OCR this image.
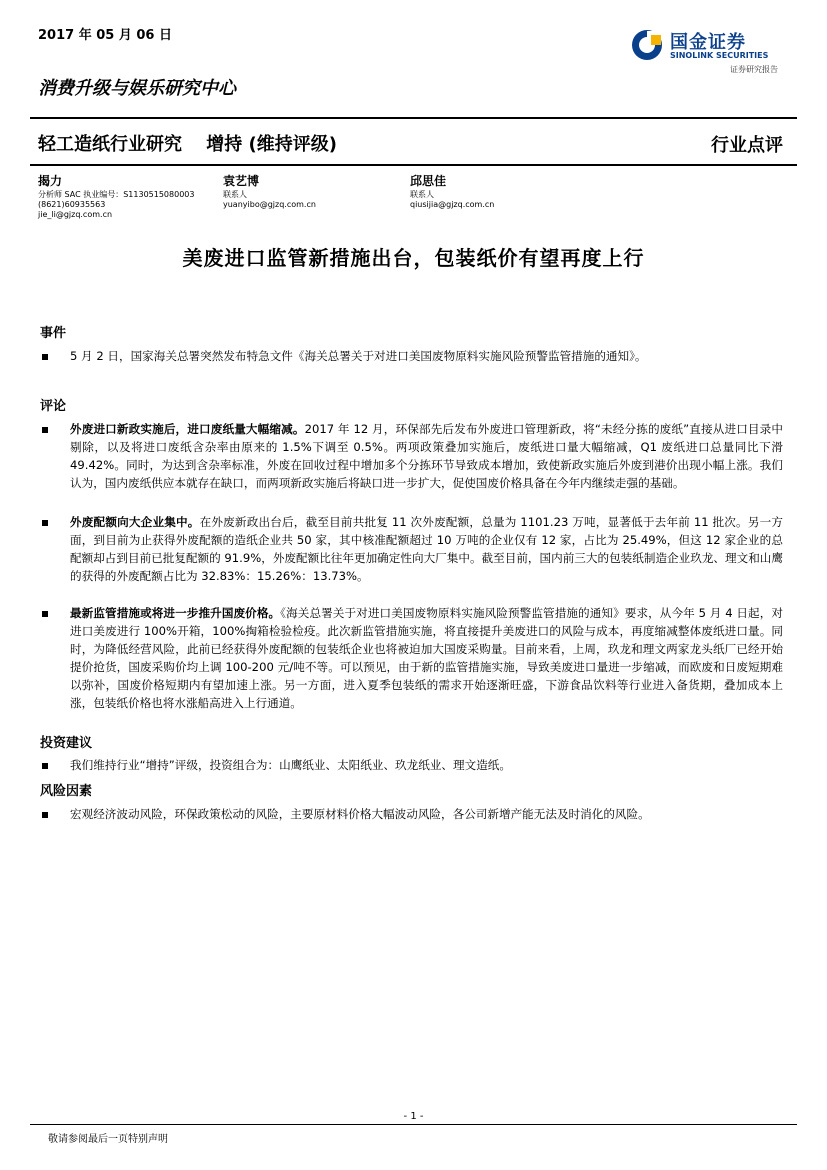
2017 年 05 月 06 日
消费升级与娱乐研究中心
国金证券
SINOLINK SECURITIES
证券研究报告
轻工造纸行业研究　 增持 (维持评级)	行业点评
揭力
分析师 SAC 执业编号：S1130515080003
(8621)60935563
jie_li@gjzq.com.cn
袁艺博
联系人
yuanyibo@gjzq.com.cn
邱思佳
联系人
qiusijia@gjzq.com.cn
美废进口监管新措施出台，包装纸价有望再度上行
事件
5 月 2 日，国家海关总署突然发布特急文件《海关总署关于对进口美国废物原料实施风险预警监管措施的通知》。
评论
外废进口新政实施后，进口废纸量大幅缩减。2017 年 12 月，环保部先后发布外废进口管理新政，将“未经分拣的废纸”直接从进口目录中剔除，以及将进口废纸含杂率由原来的 1.5%下调至 0.5%。两项政策叠加实施后，废纸进口量大幅缩减，Q1 废纸进口总量同比下滑 49.42%。同时，为达到含杂率标准，外废在回收过程中增加多个分拣环节导致成本增加，致使新政实施后外废到港价出现小幅上涨。我们认为，国内废纸供应本就存在缺口，而两项新政实施后将缺口进一步扩大，促使国废价格具备在今年内继续走强的基础。
外废配额向大企业集中。在外废新政出台后，截至目前共批复 11 次外废配额，总量为 1101.23 万吨，显著低于去年前 11 批次。另一方面，到目前为止获得外废配额的造纸企业共 50 家，其中核准配额超过 10 万吨的企业仅有 12 家，占比为 25.49%，但这 12 家企业的总配额却占到目前已批复配额的 91.9%，外废配额比往年更加确定性向大厂集中。截至目前，国内前三大的包装纸制造企业玖龙、理文和山鹰的获得的外废配额占比为 32.83%：15.26%：13.73%。
最新监管措施或将进一步推升国废价格。《海关总署关于对进口美国废物原料实施风险预警监管措施的通知》要求，从今年 5 月 4 日起，对进口美废进行 100%开箱，100%掏箱检验检疫。此次新监管措施实施，将直接提升美废进口的风险与成本，再度缩减整体废纸进口量。同时，为降低经营风险，此前已经获得外废配额的包装纸企业也将被迫加大国废采购量。目前来看，上周，玖龙和理文两家龙头纸厂已经开始提价抢货，国废采购价均上调 100-200 元/吨不等。可以预见，由于新的监管措施实施，导致美废进口量进一步缩减，而欧废和日废短期难以弥补，国废价格短期内有望加速上涨。另一方面，进入夏季包装纸的需求开始逐渐旺盛，下游食品饮料等行业进入备货期，叠加成本上涨，包装纸价格也将水涨船高进入上行通道。
投资建议
我们维持行业“增持”评级，投资组合为：山鹰纸业、太阳纸业、玖龙纸业、理文造纸。
风险因素
宏观经济波动风险，环保政策松动的风险，主要原材料价格大幅波动风险，各公司新增产能无法及时消化的风险。
- 1 -
敬请参阅最后一页特别声明
